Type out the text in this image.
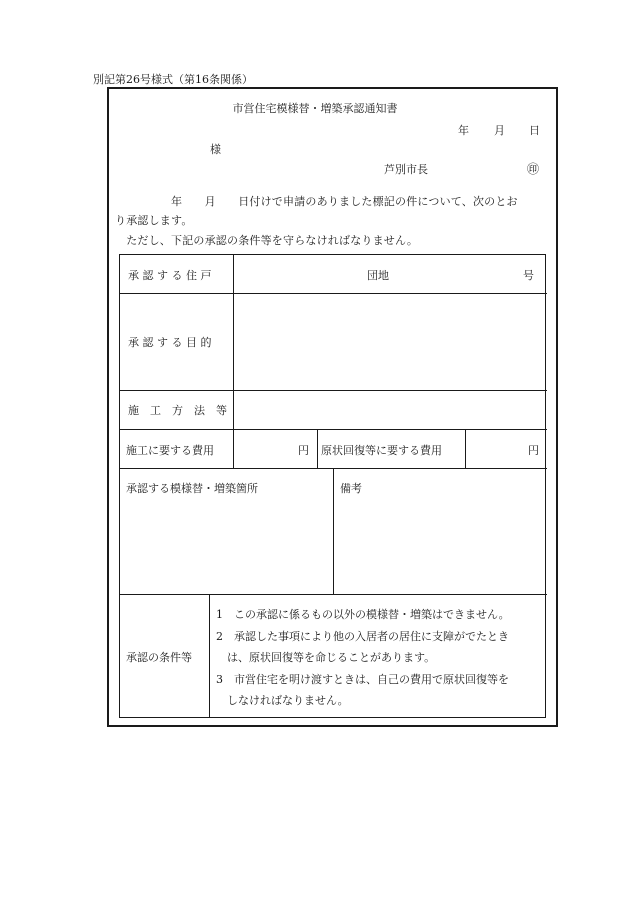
別記第26号様式（第16条関係）
市営住宅模様替・増築承認通知書
年 月 日
様
芦別市長	㊞
　　　　　年　　月　　日付けで申請のありました標記の件について、次のとお
り承認します。
　ただし、下記の承認の条件等を守らなければなりません。
承 認 す る 住 戸	団地	号
承 認 す る 目 的
施　工　方　法　等
施工に要する費用	円 原状回復等に要する費用	円
承認する模様替・増築箇所	備考
承認の条件等
1　この承認に係るもの以外の模様替・増築はできません。
2　承認した事項により他の入居者の居住に支障がでたとき
　は、原状回復等を命じることがあります。
3　市営住宅を明け渡すときは、自己の費用で原状回復等を
　しなければなりません。
